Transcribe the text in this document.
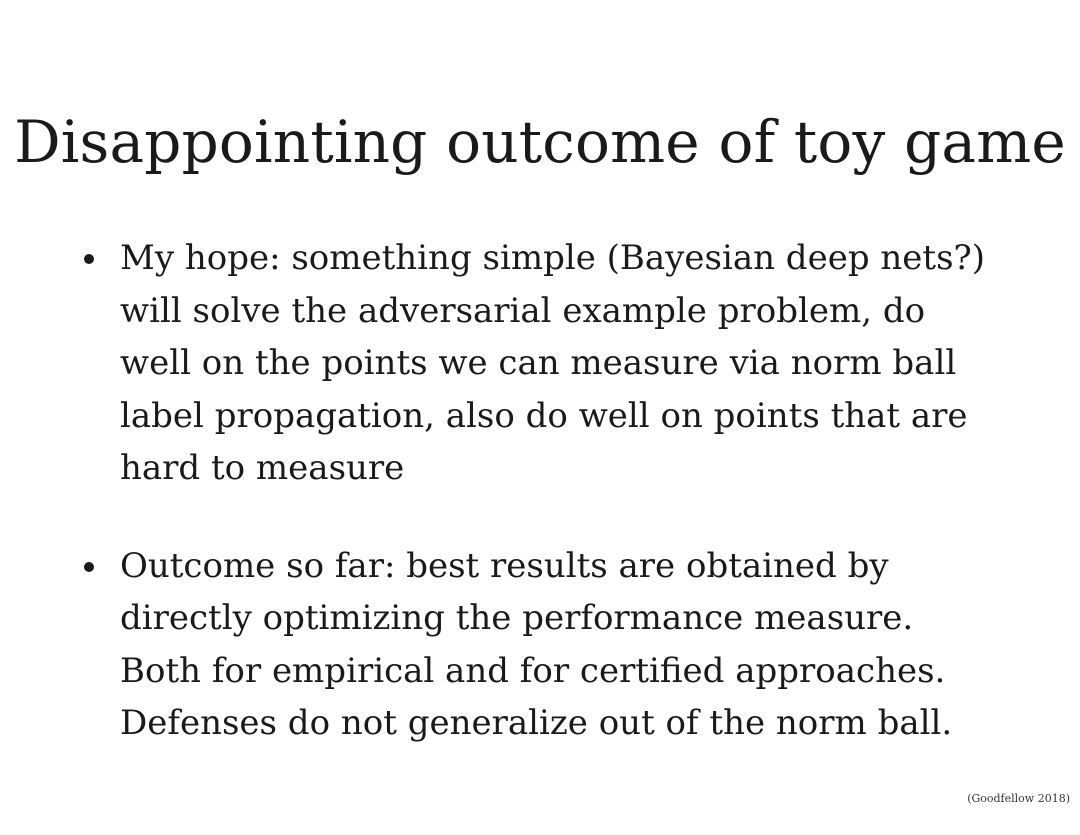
Disappointing outcome of toy game
My hope: something simple (Bayesian deep nets?) will solve the adversarial example problem, do well on the points we can measure via norm ball label propagation, also do well on points that are hard to measure
Outcome so far: best results are obtained by directly optimizing the performance measure. Both for empirical and for certified approaches. Defenses do not generalize out of the norm ball.
(Goodfellow 2018)
